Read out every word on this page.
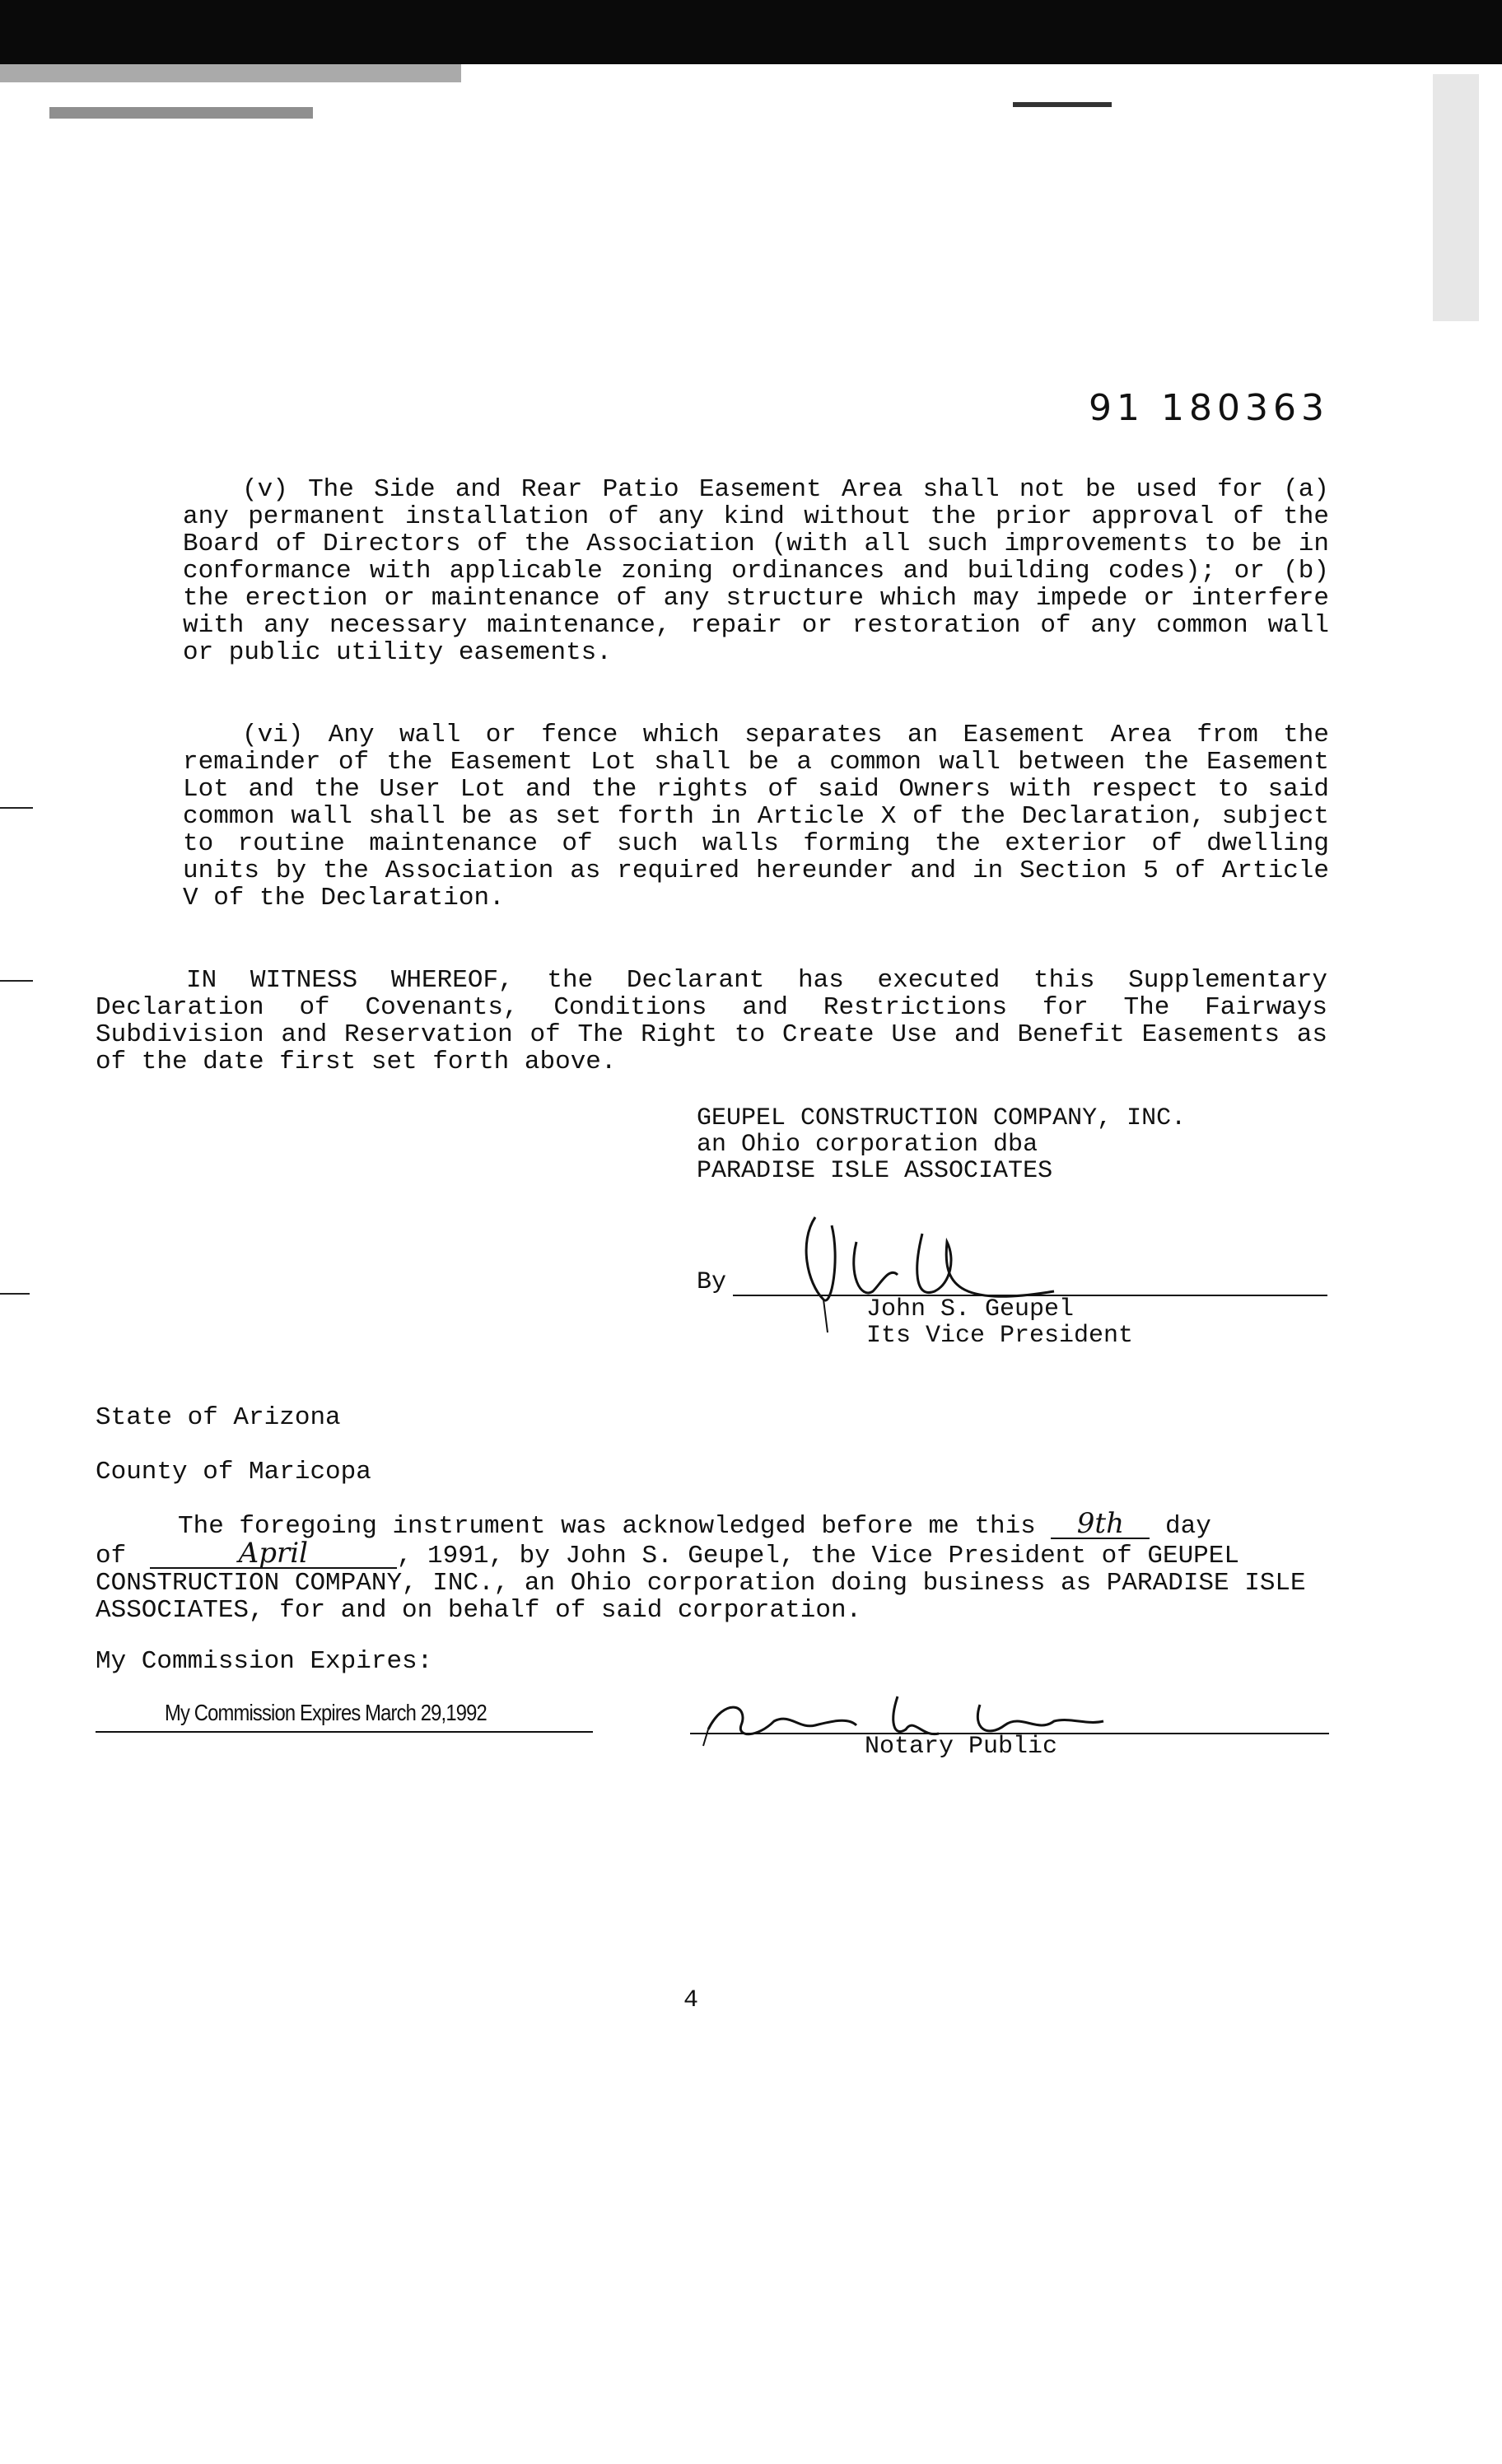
91 180363
(v) The Side and Rear Patio Easement Area shall not be used for (a) any permanent installation of any kind without the prior approval of the Board of Directors of the Association (with all such improvements to be in conformance with applicable zoning ordinances and building codes); or (b) the erection or maintenance of any structure which may impede or interfere with any necessary maintenance, repair or restoration of any common wall or public utility easements.
(vi) Any wall or fence which separates an Easement Area from the remainder of the Easement Lot shall be a common wall between the Easement Lot and the User Lot and the rights of said Owners with respect to said common wall shall be as set forth in Article X of the Declaration, subject to routine maintenance of such walls forming the exterior of dwelling units by the Association as required hereunder and in Section 5 of Article V of the Declaration.
IN WITNESS WHEREOF, the Declarant has executed this Supplementary Declaration of Covenants, Conditions and Restrictions for The Fairways Subdivision and Reservation of The Right to Create Use and Benefit Easements as of the date first set forth above.
GEUPEL CONSTRUCTION COMPANY, INC.
an Ohio corporation dba
PARADISE ISLE ASSOCIATES
By
John S. Geupel
Its Vice President
State of Arizona
County of Maricopa
The foregoing instrument was acknowledged before me this 9th day
of	April	, 1991, by John S. Geupel, the Vice President of GEUPEL CONSTRUCTION COMPANY, INC., an Ohio corporation doing business as PARADISE ISLE ASSOCIATES, for and on behalf of said corporation.
My Commission Expires:
My Commission Expires March 29,1992
Notary Public
4
